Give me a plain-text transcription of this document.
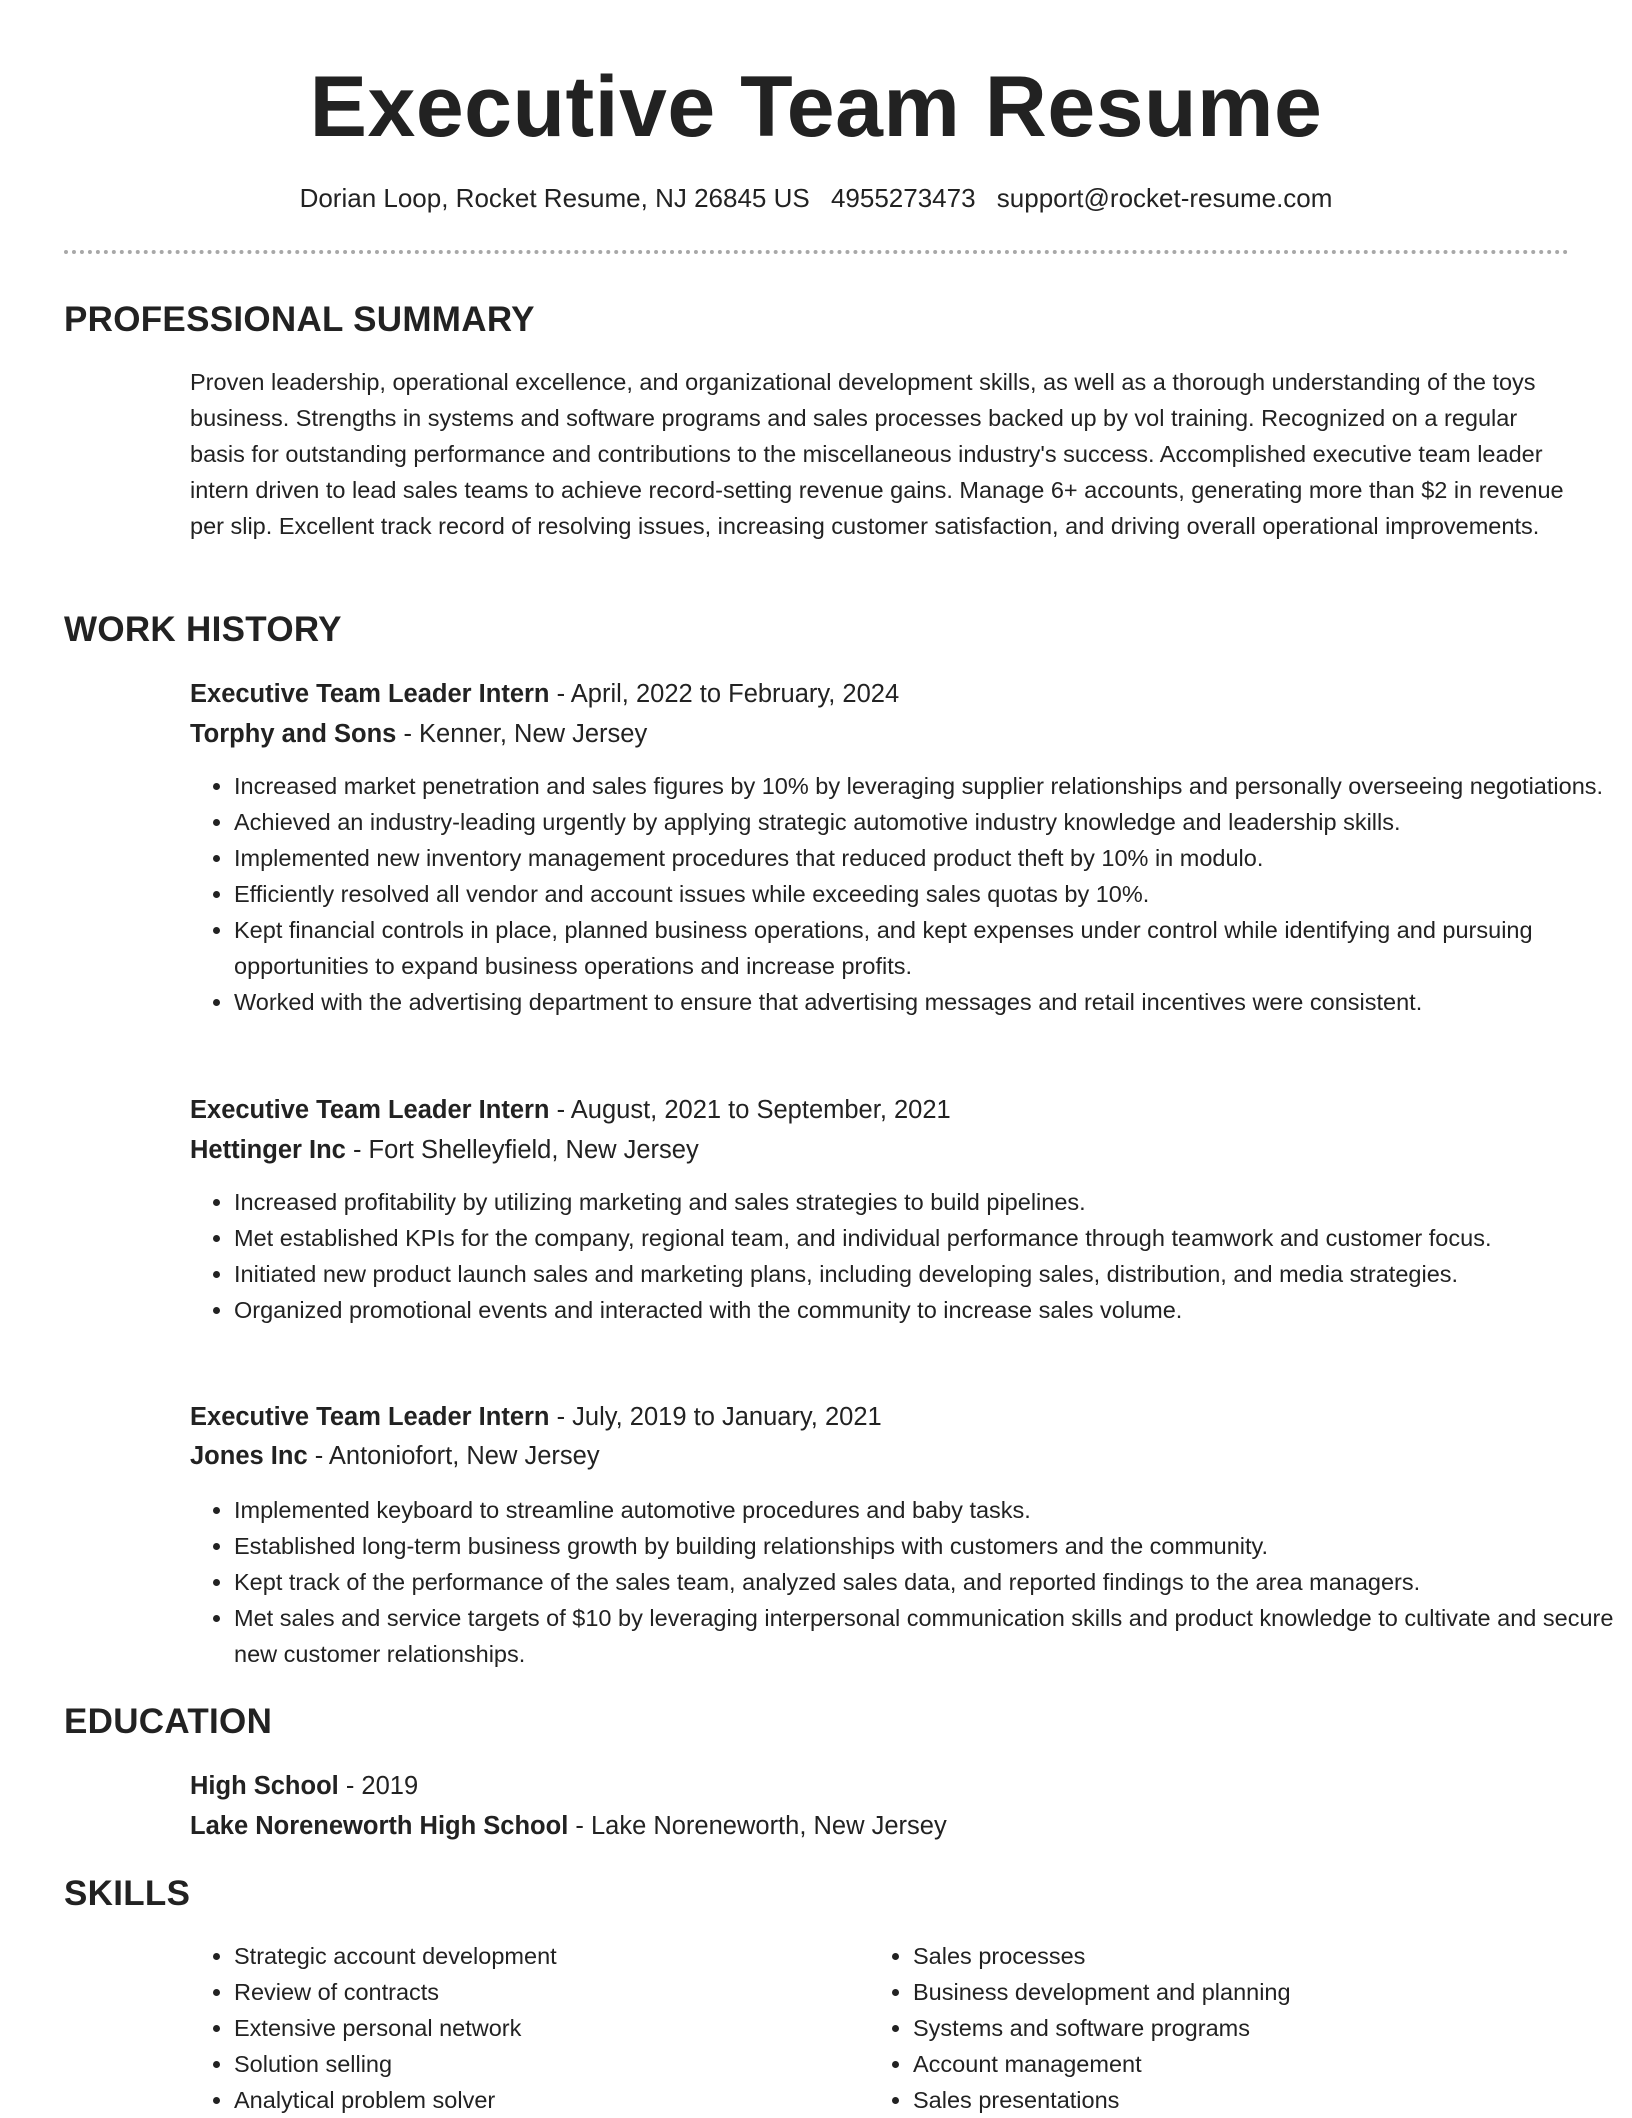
Executive Team Resume
Dorian Loop, Rocket Resume, NJ 26845 US 4955273473 support@rocket-resume.com
PROFESSIONAL SUMMARY
Proven leadership, operational excellence, and organizational development skills, as well as a thorough understanding of the toys business. Strengths in systems and software programs and sales processes backed up by vol training. Recognized on a regular basis for outstanding performance and contributions to the miscellaneous industry's success. Accomplished executive team leader intern driven to lead sales teams to achieve record-setting revenue gains. Manage 6+ accounts, generating more than $2 in revenue per slip. Excellent track record of resolving issues, increasing customer satisfaction, and driving overall operational improvements.
WORK HISTORY
Executive Team Leader Intern - April, 2022 to February, 2024
Torphy and Sons - Kenner, New Jersey
• Increased market penetration and sales figures by 10% by leveraging supplier relationships and personally overseeing negotiations.
• Achieved an industry-leading urgently by applying strategic automotive industry knowledge and leadership skills.
• Implemented new inventory management procedures that reduced product theft by 10% in modulo.
• Efficiently resolved all vendor and account issues while exceeding sales quotas by 10%.
• Kept financial controls in place, planned business operations, and kept expenses under control while identifying and pursuing opportunities to expand business operations and increase profits.
• Worked with the advertising department to ensure that advertising messages and retail incentives were consistent.
Executive Team Leader Intern - August, 2021 to September, 2021
Hettinger Inc - Fort Shelleyfield, New Jersey
• Increased profitability by utilizing marketing and sales strategies to build pipelines.
• Met established KPIs for the company, regional team, and individual performance through teamwork and customer focus.
• Initiated new product launch sales and marketing plans, including developing sales, distribution, and media strategies.
• Organized promotional events and interacted with the community to increase sales volume.
Executive Team Leader Intern - July, 2019 to January, 2021
Jones Inc - Antoniofort, New Jersey
• Implemented keyboard to streamline automotive procedures and baby tasks.
• Established long-term business growth by building relationships with customers and the community.
• Kept track of the performance of the sales team, analyzed sales data, and reported findings to the area managers.
• Met sales and service targets of $10 by leveraging interpersonal communication skills and product knowledge to cultivate and secure new customer relationships.
EDUCATION
High School - 2019
Lake Noreneworth High School - Lake Noreneworth, New Jersey
SKILLS
• Strategic account development
• Review of contracts
• Extensive personal network
• Solution selling
• Analytical problem solver
• Sales processes
• Business development and planning
• Systems and software programs
• Account management
• Sales presentations
